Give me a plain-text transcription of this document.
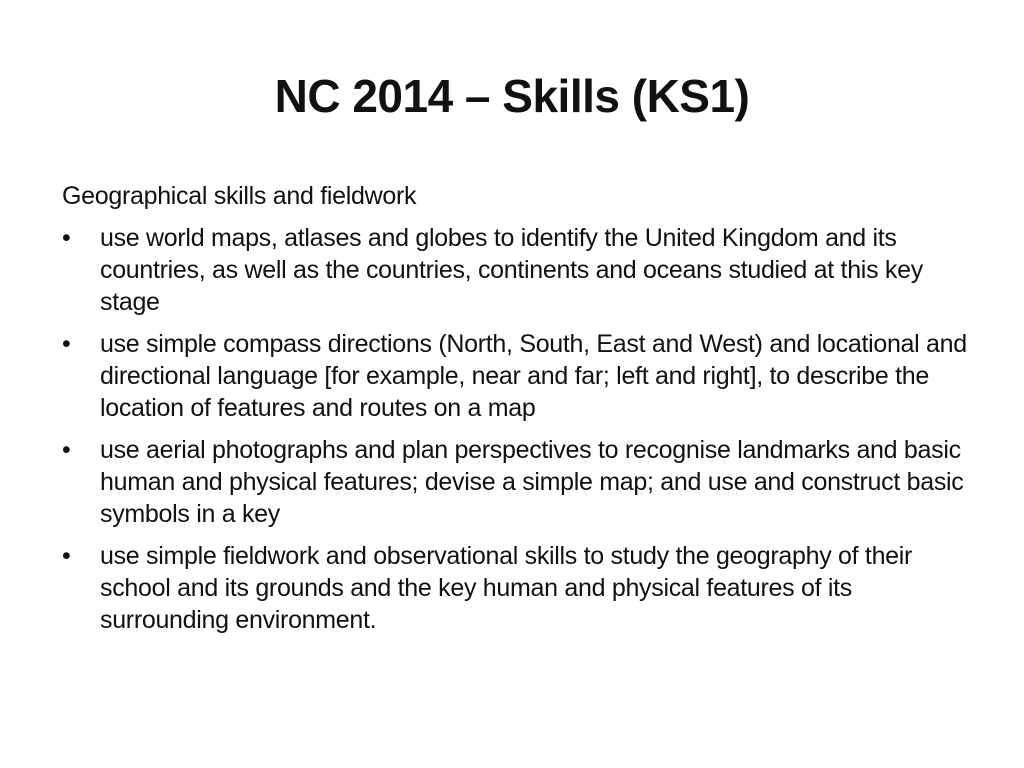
NC 2014 – Skills (KS1)

Geographical skills and fieldwork

•	use world maps, atlases and globes to identify the United Kingdom and its countries, as well as the countries, continents and oceans studied at this key stage
•	use simple compass directions (North, South, East and West) and locational and directional language [for example, near and far; left and right], to describe the location of features and routes on a map
•	use aerial photographs and plan perspectives to recognise landmarks and basic human and physical features; devise a simple map; and use and construct basic symbols in a key
•	use simple fieldwork and observational skills to study the geography of their school and its grounds and the key human and physical features of its surrounding environment.
